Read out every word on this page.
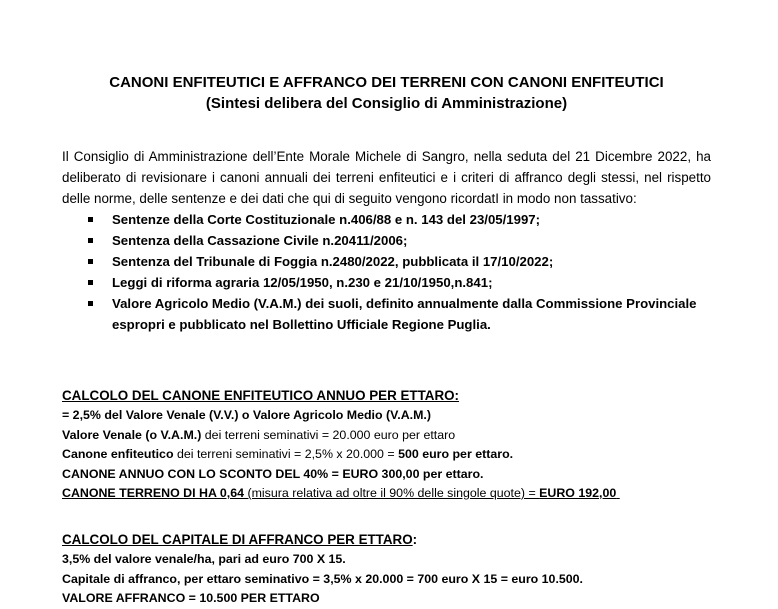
CANONI ENFITEUTICI E AFFRANCO DEI TERRENI CON CANONI ENFITEUTICI
(Sintesi delibera del Consiglio di Amministrazione)

Il Consiglio di Amministrazione dell’Ente Morale Michele di Sangro, nella seduta del 21 Dicembre 2022, ha deliberato di revisionare i canoni annuali dei terreni enfiteutici e i criteri di affranco degli stessi, nel rispetto delle norme, delle sentenze e dei dati che qui di seguito vengono ricordatI in modo non tassativo:

Sentenze della Corte Costituzionale n.406/88 e n. 143 del 23/05/1997;
Sentenza della Cassazione Civile n.20411/2006;
Sentenza del Tribunale di Foggia n.2480/2022, pubblicata il 17/10/2022;
Leggi di riforma agraria 12/05/1950, n.230 e 21/10/1950,n.841;
Valore Agricolo Medio (V.A.M.) dei suoli, definito annualmente dalla Commissione Provinciale espropri e pubblicato nel Bollettino Ufficiale Regione Puglia.

CALCOLO DEL CANONE ENFITEUTICO ANNUO PER ETTARO:

= 2,5% del Valore Venale (V.V.) o Valore Agricolo Medio (V.A.M.)

Valore Venale (o V.A.M.) dei terreni seminativi = 20.000 euro per ettaro

Canone enfiteutico dei terreni seminativi = 2,5% x 20.000 = 500 euro per ettaro.

CANONE ANNUO CON LO SCONTO DEL 40% = EURO 300,00 per ettaro.

CANONE TERRENO DI HA 0,64 (misura relativa ad oltre il 90% delle singole quote) = EURO 192,00

CALCOLO DEL CAPITALE DI AFFRANCO PER ETTARO:

3,5% del valore venale/ha, pari ad euro 700 X 15.

Capitale di affranco, per ettaro seminativo = 3,5% x 20.000 = 700 euro X 15 = euro 10.500.

VALORE AFFRANCO = 10.500 PER ETTARO
